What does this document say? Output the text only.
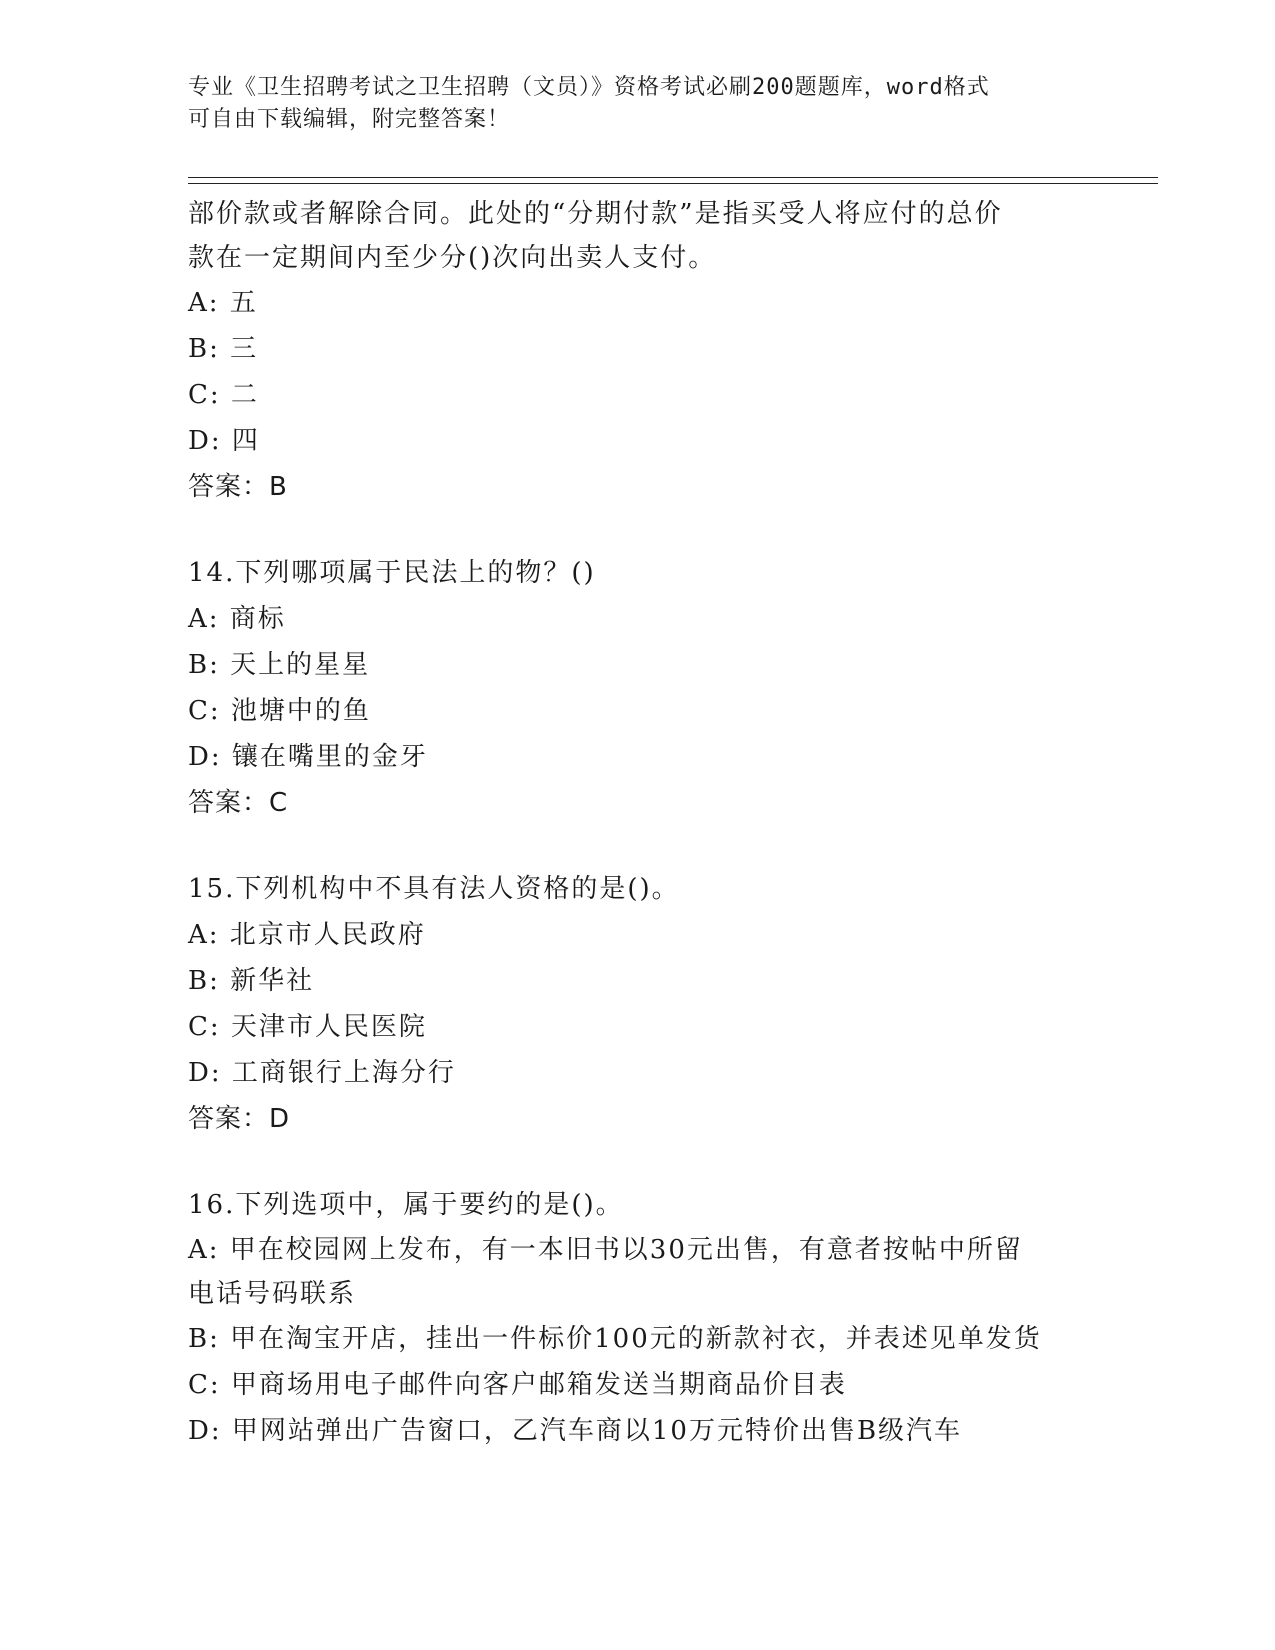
专业《卫生招聘考试之卫生招聘（文员）》资格考试必刷200题题库，word格式
可自由下载编辑，附完整答案！
部价款或者解除合同。此处的“分期付款”是指买受人将应付的总价
款在一定期间内至少分()次向出卖人支付。
A: 五
B: 三
C: 二
D: 四
答案：B
14.下列哪项属于民法上的物？()
A: 商标
B: 天上的星星
C: 池塘中的鱼
D: 镶在嘴里的金牙
答案：C
15.下列机构中不具有法人资格的是()。
A: 北京市人民政府
B: 新华社
C: 天津市人民医院
D: 工商银行上海分行
答案：D
16.下列选项中，属于要约的是()。
A: 甲在校园网上发布，有一本旧书以30元出售，有意者按帖中所留
电话号码联系
B: 甲在淘宝开店，挂出一件标价100元的新款衬衣，并表述见单发货
C: 甲商场用电子邮件向客户邮箱发送当期商品价目表
D: 甲网站弹出广告窗口，乙汽车商以10万元特价出售B级汽车
